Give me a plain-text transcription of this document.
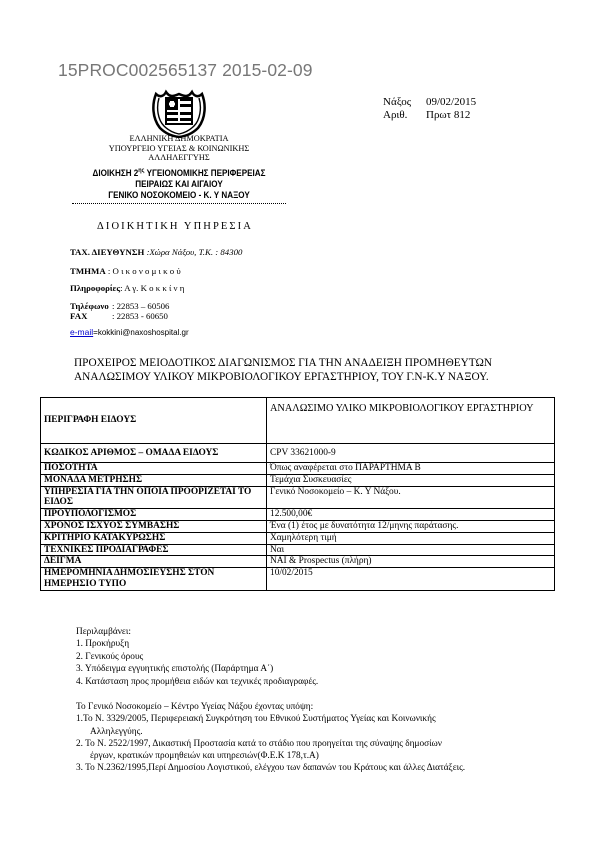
15PROC002565137 2015-02-09
Νάξος 09/02/2015
Αριθ. Πρωτ 812
ΕΛΛΗΝΙΚΗ ΔΗΜΟΚΡΑΤΙΑ
ΥΠΟΥΡΓΕΙΟ ΥΓΕΙΑΣ & ΚΟΙΝΩΝΙΚΗΣ
ΑΛΛΗΛΕΓΓΥΗΣ
ΔΙΟΙΚΗΣΗ $2^{\eta\varsigma}$ ΥΓΕΙΟΝΟΜΙΚΗΣ ΠΕΡΙΦΕΡΕΙΑΣ
ΠΕΙΡΑΙΩΣ ΚΑΙ ΑΙΓΑΙΟΥ
ΓΕΝΙΚΟ ΝΟΣΟΚΟΜΕΙΟ - Κ. Υ ΝΑΞΟΥ
ΔΙΟΙΚΗΤΙΚΗ ΥΠΗΡΕΣΙΑ
ΤΑΧ. ΔΙΕΥΘΥΝΣΗ :Χώρα Νάξου, Τ.Κ. : 84300
ΤΜΗΜΑ : Ο ι κ ο ν ο μ ι κ ο ύ
Πληροφορίες: Α γ. Κ ο κ κ ί ν η
Τηλέφωνο : 22853 – 60506
FAX	: 22853 - 60650
e-mail=kokkini@naxoshospital.gr
ΠΡΟΧΕΙΡΟΣ ΜΕΙΟΔΟΤΙΚΟΣ ΔΙΑΓΩΝΙΣΜΟΣ ΓΙΑ ΤΗΝ ΑΝΑΔΕΙΞΗ ΠΡΟΜΗΘΕΥΤΩΝ
ΑΝΑΛΩΣΙΜΟΥ ΥΛΙΚΟΥ ΜΙΚΡΟΒΙΟΛΟΓΙΚΟΥ ΕΡΓΑΣΤΗΡΙΟΥ, ΤΟΥ Γ.Ν-Κ.Υ ΝΑΞΟΥ.
ΠΕΡΙΓΡΑΦΗ ΕΙΔΟΥΣ	ΑΝΑΛΩΣΙΜΟ ΥΛΙΚΟ ΜΙΚΡΟΒΙΟΛΟΓΙΚΟΥ ΕΡΓΑΣΤΗΡΙΟΥ
ΚΩΔΙΚΟΣ ΑΡΙΘΜΟΣ – ΟΜΑΔΑ ΕΙΔΟΥΣ	CPV 33621000-9
ΠΟΣΟΤΗΤΑ	Όπως αναφέρεται στο ΠΑΡΑΡΤΗΜΑ Β
ΜΟΝΑΔΑ ΜΕΤΡΗΣΗΣ	Τεμάχια Συσκευασίες
ΥΠΗΡΕΣΙΑ ΓΙΑ ΤΗΝ ΟΠΟΙΑ ΠΡΟΟΡΙΖΕΤΑΙ ΤΟ ΕΙΔΟΣ	Γενικό Νοσοκομείο – Κ. Υ Νάξου.
ΠΡΟΫΠΟΛΟΓΙΣΜΟΣ	12.500,00€
ΧΡΟΝΟΣ ΙΣΧΥΟΣ ΣΥΜΒΑΣΗΣ	Ένα (1) έτος με δυνατότητα 12/μηνης παράτασης.
ΚΡΙΤΗΡΙΟ ΚΑΤΑΚΥΡΩΣΗΣ	Χαμηλότερη τιμή
ΤΕΧΝΙΚΕΣ ΠΡΟΔΙΑΓΡΑΦΕΣ	Ναι
ΔΕΙΓΜΑ	ΝΑΙ & Prospectus (πλήρη)
ΗΜΕΡΟΜΗΝΙΑ ΔΗΜΟΣΙΕΥΣΗΣ ΣΤΟΝ ΗΜΕΡΗΣΙΟ ΤΥΠΟ	10/02/2015
Περιλαμβάνει:
1. Προκήρυξη
2. Γενικούς όρους
3. Υπόδειγμα εγγυητικής επιστολής (Παράρτημα Α΄)
4. Κατάσταση προς προμήθεια ειδών και τεχνικές προδιαγραφές.
Το Γενικό Νοσοκομείο – Κέντρο Υγείας Νάξου έχοντας υπόψη:
1.Το Ν. 3329/2005, Περιφερειακή Συγκρότηση του Εθνικού Συστήματος Υγείας και Κοινωνικής
Αλληλεγγύης.
2. Το Ν. 2522/1997, Δικαστική Προστασία κατά το στάδιο που προηγείται της σύναψης δημοσίων
έργων, κρατικών προμηθειών και υπηρεσιών(Φ.Ε.Κ 178,τ.Α)
3. Το Ν.2362/1995,Περί Δημοσίου Λογιστικού, ελέγχου των δαπανών του Κράτους και άλλες Διατάξεις.
